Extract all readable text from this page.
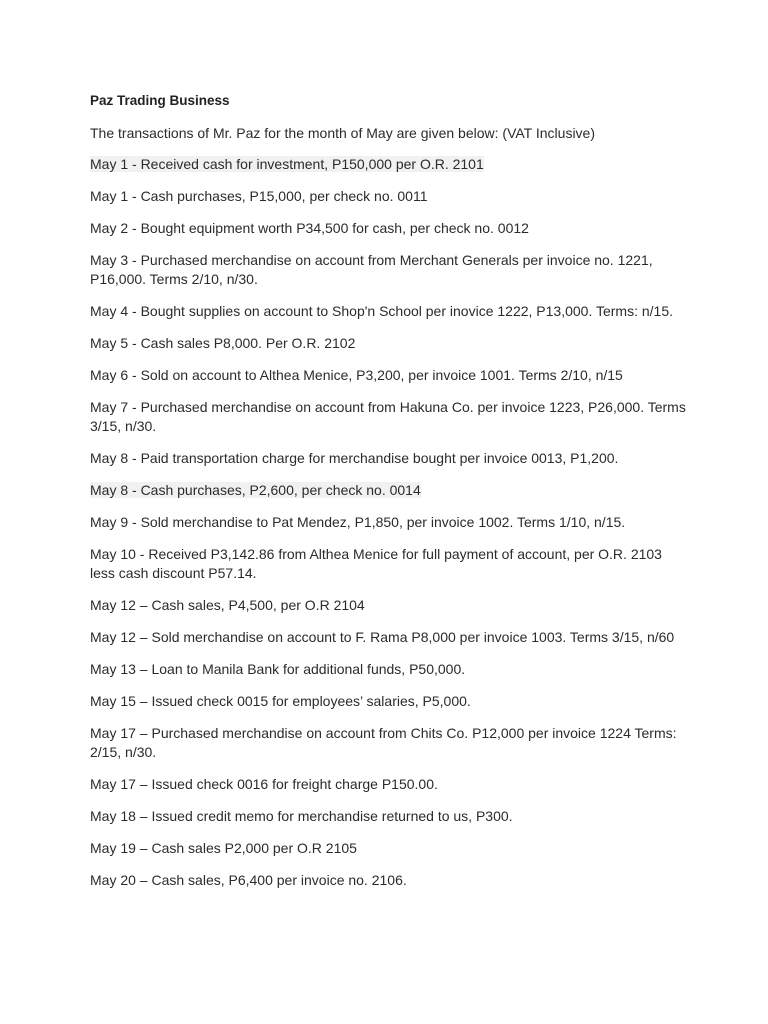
Paz Trading Business
The transactions of Mr. Paz for the month of May are given below: (VAT Inclusive)
May 1 - Received cash for investment, P150,000 per O.R. 2101
May 1 - Cash purchases, P15,000, per check no. 0011
May 2 - Bought equipment worth P34,500 for cash, per check no. 0012
May 3 - Purchased merchandise on account from Merchant Generals per invoice no. 1221, P16,000. Terms 2/10, n/30.
May 4 - Bought supplies on account to Shop'n School per inovice 1222, P13,000. Terms: n/15.
May 5 - Cash sales P8,000. Per O.R. 2102
May 6 - Sold on account to Althea Menice, P3,200, per invoice 1001. Terms 2/10, n/15
May 7 - Purchased merchandise on account from Hakuna Co. per invoice 1223, P26,000. Terms 3/15, n/30.
May 8 - Paid transportation charge for merchandise bought per invoice 0013, P1,200.
May 8 - Cash purchases, P2,600, per check no. 0014
May 9 - Sold merchandise to Pat Mendez, P1,850, per invoice 1002. Terms 1/10, n/15.
May 10 - Received P3,142.86 from Althea Menice for full payment of account, per O.R. 2103 less cash discount P57.14.
May 12 – Cash sales, P4,500, per O.R 2104
May 12 – Sold merchandise on account to F. Rama P8,000 per invoice 1003. Terms 3/15, n/60
May 13 – Loan to Manila Bank for additional funds, P50,000.
May 15 – Issued check 0015 for employees’ salaries, P5,000.
May 17 – Purchased merchandise on account from Chits Co. P12,000 per invoice 1224 Terms: 2/15, n/30.
May 17 – Issued check 0016 for freight charge P150.00.
May 18 – Issued credit memo for merchandise returned to us, P300.
May 19 – Cash sales P2,000 per O.R 2105
May 20 – Cash sales, P6,400 per invoice no. 2106.
